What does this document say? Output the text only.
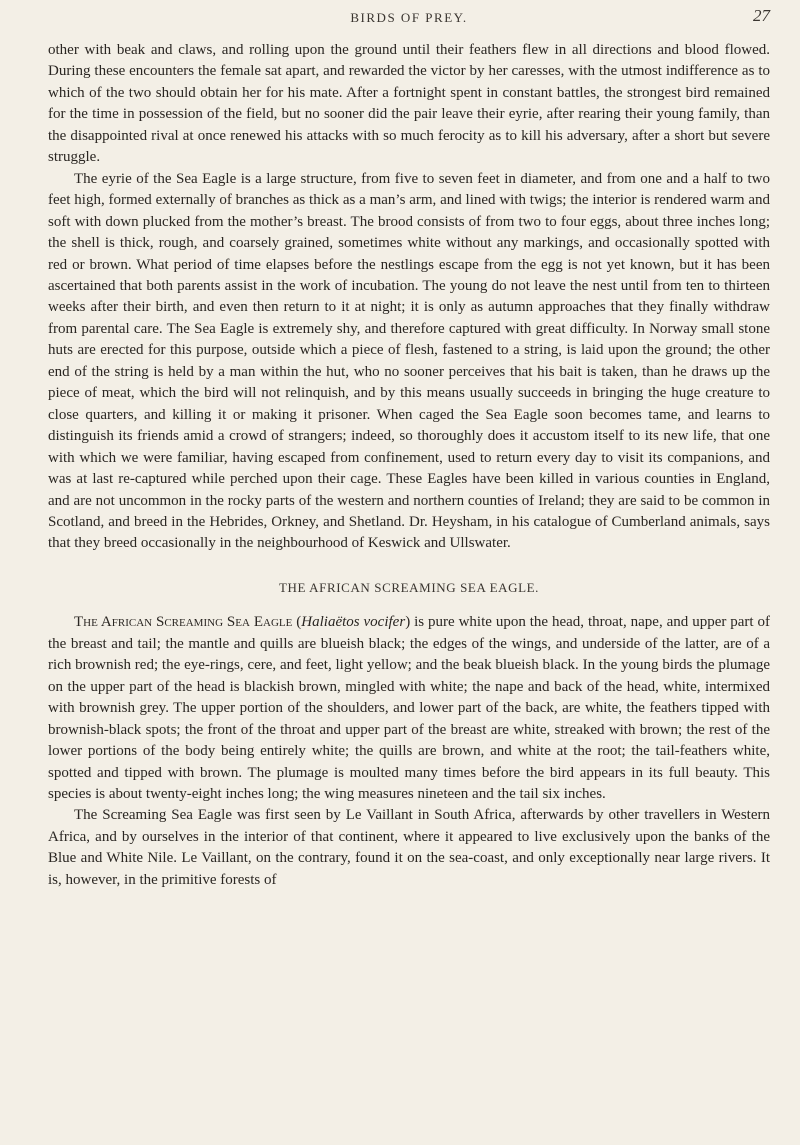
BIRDS OF PREY.	27

other with beak and claws, and rolling upon the ground until their feathers flew in all directions and blood flowed. During these encounters the female sat apart, and rewarded the victor by her caresses, with the utmost indifference as to which of the two should obtain her for his mate. After a fortnight spent in constant battles, the strongest bird remained for the time in possession of the field, but no sooner did the pair leave their eyrie, after rearing their young family, than the disappointed rival at once renewed his attacks with so much ferocity as to kill his adversary, after a short but severe struggle.

The eyrie of the Sea Eagle is a large structure, from five to seven feet in diameter, and from one and a half to two feet high, formed externally of branches as thick as a man’s arm, and lined with twigs; the interior is rendered warm and soft with down plucked from the mother’s breast. The brood consists of from two to four eggs, about three inches long; the shell is thick, rough, and coarsely grained, sometimes white without any markings, and occasionally spotted with red or brown. What period of time elapses before the nestlings escape from the egg is not yet known, but it has been ascertained that both parents assist in the work of incubation. The young do not leave the nest until from ten to thirteen weeks after their birth, and even then return to it at night; it is only as autumn approaches that they finally withdraw from parental care. The Sea Eagle is extremely shy, and therefore captured with great difficulty. In Norway small stone huts are erected for this purpose, outside which a piece of flesh, fastened to a string, is laid upon the ground; the other end of the string is held by a man within the hut, who no sooner perceives that his bait is taken, than he draws up the piece of meat, which the bird will not relinquish, and by this means usually succeeds in bringing the huge creature to close quarters, and killing it or making it prisoner. When caged the Sea Eagle soon becomes tame, and learns to distinguish its friends amid a crowd of strangers; indeed, so thoroughly does it accustom itself to its new life, that one with which we were familiar, having escaped from confinement, used to return every day to visit its companions, and was at last re-captured while perched upon their cage. These Eagles have been killed in various counties in England, and are not uncommon in the rocky parts of the western and northern counties of Ireland; they are said to be common in Scotland, and breed in the Hebrides, Orkney, and Shetland. Dr. Heysham, in his catalogue of Cumberland animals, says that they breed occasionally in the neighbourhood of Keswick and Ullswater.

THE AFRICAN SCREAMING SEA EAGLE.

The African Screaming Sea Eagle (Haliaëtos vocifer) is pure white upon the head, throat, nape, and upper part of the breast and tail; the mantle and quills are blueish black; the edges of the wings, and underside of the latter, are of a rich brownish red; the eye-rings, cere, and feet, light yellow; and the beak blueish black. In the young birds the plumage on the upper part of the head is blackish brown, mingled with white; the nape and back of the head, white, intermixed with brownish grey. The upper portion of the shoulders, and lower part of the back, are white, the feathers tipped with brownish-black spots; the front of the throat and upper part of the breast are white, streaked with brown; the rest of the lower portions of the body being entirely white; the quills are brown, and white at the root; the tail-feathers white, spotted and tipped with brown. The plumage is moulted many times before the bird appears in its full beauty. This species is about twenty-eight inches long; the wing measures nineteen and the tail six inches.

The Screaming Sea Eagle was first seen by Le Vaillant in South Africa, afterwards by other travellers in Western Africa, and by ourselves in the interior of that continent, where it appeared to live exclusively upon the banks of the Blue and White Nile. Le Vaillant, on the contrary, found it on the sea-coast, and only exceptionally near large rivers. It is, however, in the primitive forests of
